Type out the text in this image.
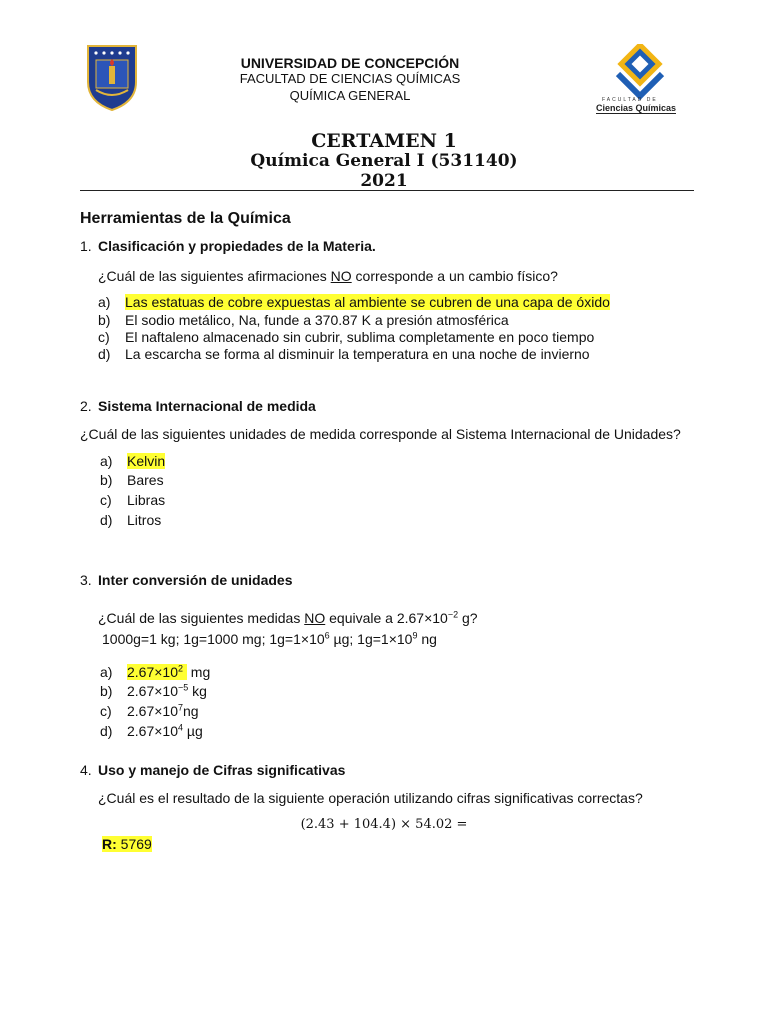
UNIVERSIDAD DE CONCEPCIÓN
FACULTAD DE CIENCIAS QUÍMICAS
QUÍMICA GENERAL	FACULTAD DE
Ciencias Químicas
CERTAMEN 1
Química General I (531140)
2021
Herramientas de la Química
1. Clasificación y propiedades de la Materia.
¿Cuál de las siguientes afirmaciones NO corresponde a un cambio físico?
a) Las estatuas de cobre expuestas al ambiente se cubren de una capa de óxido
b) El sodio metálico, Na, funde a 370.87 K a presión atmosférica
c) El naftaleno almacenado sin cubrir, sublima completamente en poco tiempo
d) La escarcha se forma al disminuir la temperatura en una noche de invierno
2. Sistema Internacional de medida
¿Cuál de las siguientes unidades de medida corresponde al Sistema Internacional de Unidades?
a) Kelvin
b) Bares
c) Libras
d) Litros
3. Inter conversión de unidades
¿Cuál de las siguientes medidas NO equivale a $2.67\times 10^{-2}$ g?
1000g=1 kg; 1g=1000 mg; $1g=1\times 10^6$ µg; $1g=1\times 10^9$ ng
a) $2.67\times 10^2$  mg
b) $2.67\times 10^{-5}$ kg
c) $2.67\times 10^7ng$
d) $2.67\times 10^4$ µg
4. Uso y manejo de Cifras significativas
¿Cuál es el resultado de la siguiente operación utilizando cifras significativas correctas?
(2.43 + 104.4) × 54.02 =
R: 5769
